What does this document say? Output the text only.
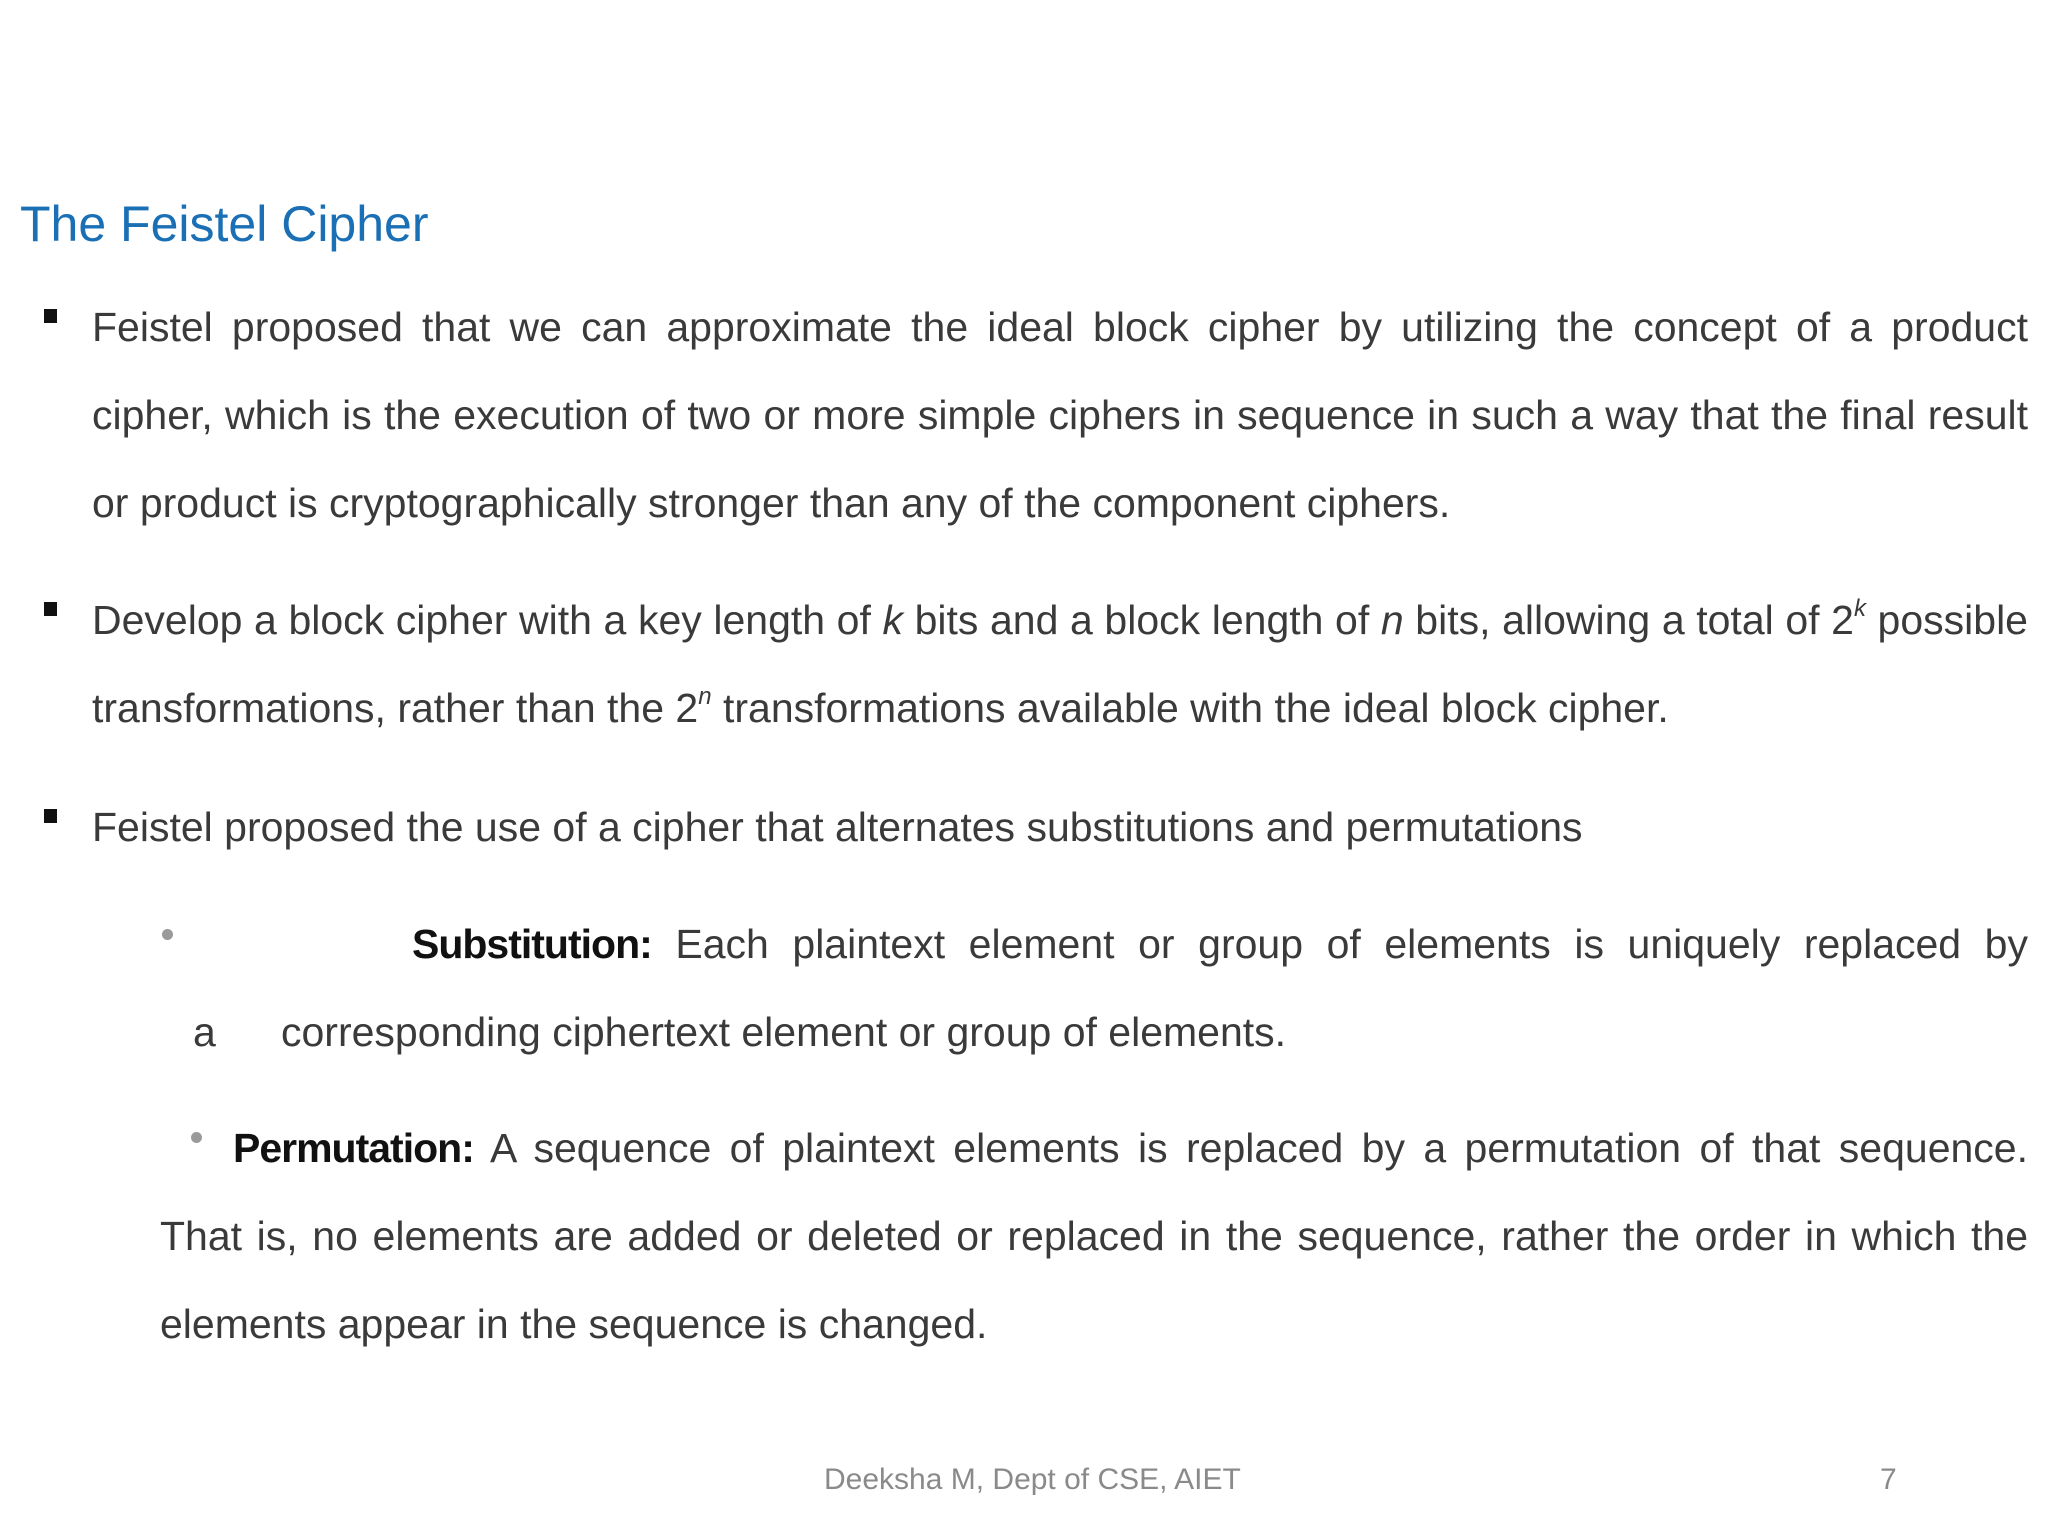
The Feistel Cipher
Feistel proposed that we can approximate the ideal block cipher by utilizing the concept of a product cipher, which is the execution of two or more simple ciphers in sequence in such a way that the final result or product is cryptographically stronger than any of the component ciphers.
Develop a block cipher with a key length of k bits and a block length of n bits, allowing a total of 2$^k$ possible transformations, rather than the 2$^n$ transformations available with the ideal block cipher.
Feistel proposed the use of a cipher that alternates substitutions and permutations
Substitution: Each plaintext element or group of elements is uniquely replaced by
a corresponding ciphertext element or group of elements.
Permutation: A sequence of plaintext elements is replaced by a permutation of that sequence. That is, no elements are added or deleted or replaced in the sequence, rather the order in which the elements appear in the sequence is changed.
Deeksha M, Dept of CSE, AIET	7
